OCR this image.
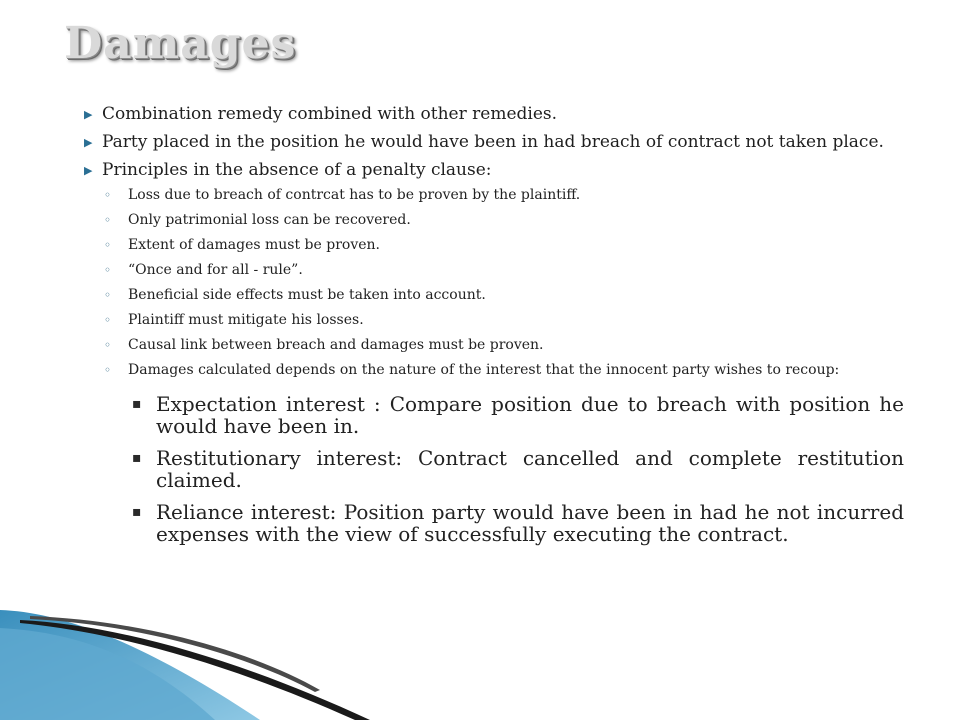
Damages
▶ Combination remedy combined with other remedies.
▶ Party placed in the position he would have been in had breach of contract not taken place.
▶ Principles in the absence of a penalty clause:
◦ Loss due to breach of contrcat has to be proven by the plaintiff.
◦ Only patrimonial loss can be recovered.
◦ Extent of damages must be proven.
◦ “Once and for all - rule”.
◦ Beneficial side effects must be taken into account.
◦ Plaintiff must mitigate his losses.
◦ Causal link between breach and damages must be proven.
◦ Damages calculated depends on the nature of the interest that the innocent party wishes to recoup:
▪ Expectation interest : Compare position due to breach with position he would have been in.
▪ Restitutionary interest: Contract cancelled and complete restitution claimed.
▪ Reliance interest: Position party would have been in had he not incurred expenses with the view of successfully executing the contract.
